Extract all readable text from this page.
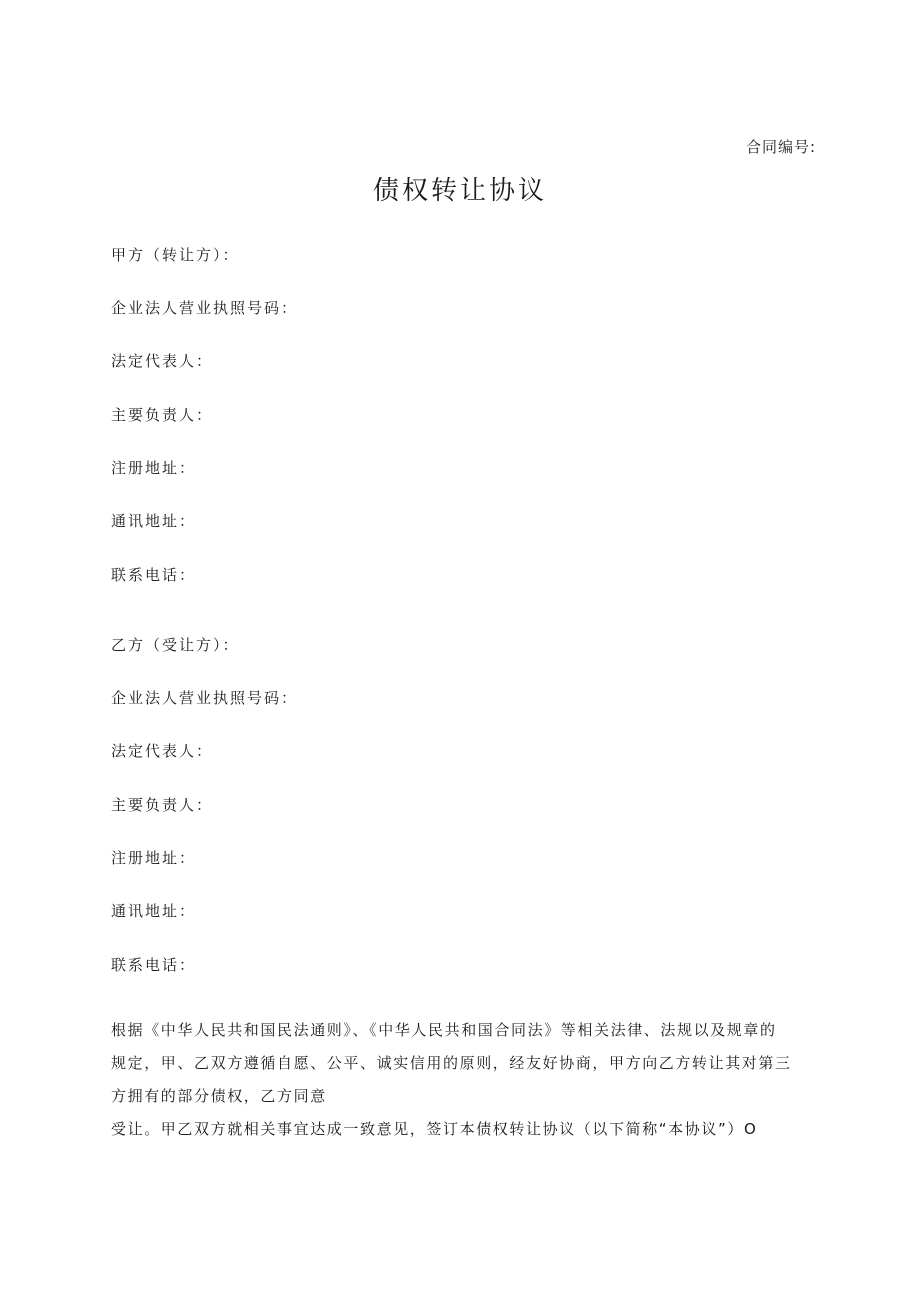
合同编号:
债权转让协议
甲方（转让方）：
企业法人营业执照号码：
法定代表人：
主要负责人：
注册地址：
通讯地址：
联系电话：
乙方（受让方）：
企业法人营业执照号码：
法定代表人：
主要负责人：
注册地址：
通讯地址：
联系电话：
根据《中华人民共和国民法通则》、《中华人民共和国合同法》等相关法律、法规以及规章的
规定，甲、乙双方遵循自愿、公平、诚实信用的原则，经友好协商，甲方向乙方转让其对第三
方拥有的部分债权，乙方同意
受让。甲乙双方就相关事宜达成一致意见，签订本债权转让协议（以下简称“本协议”）O
